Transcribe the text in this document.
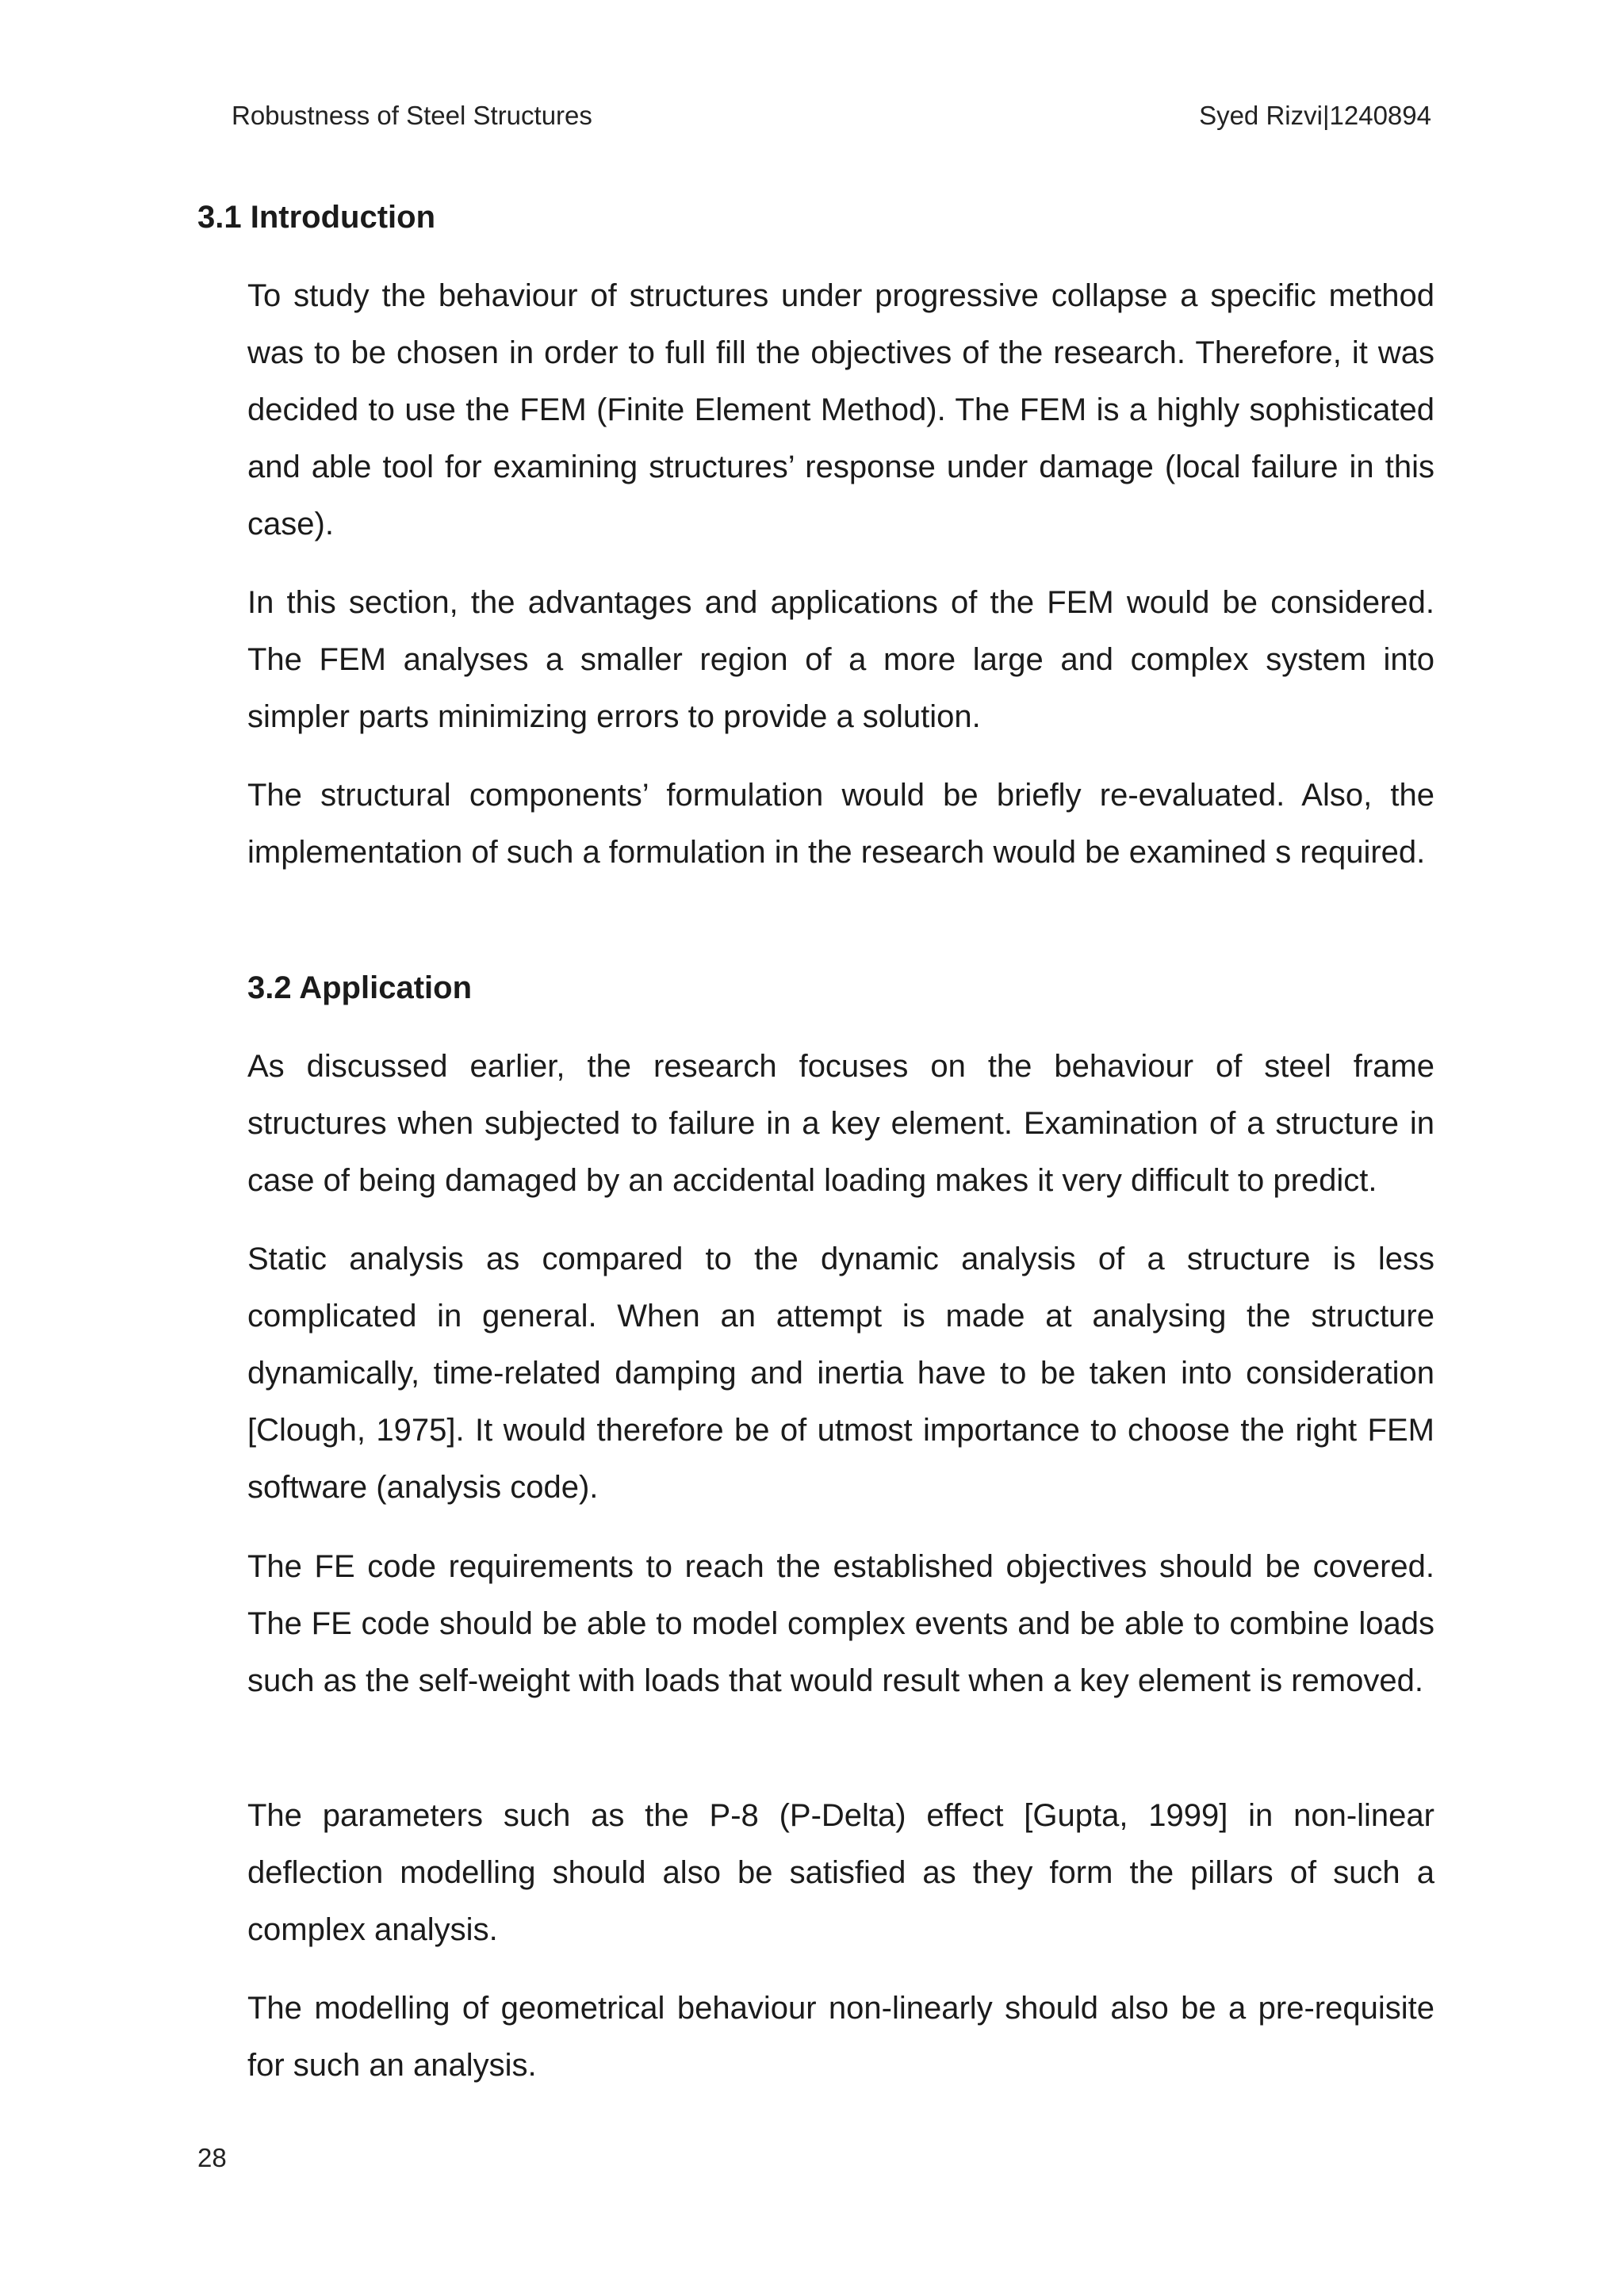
Robustness of Steel Structures	Syed Rizvi|1240894
3.1 Introduction

To study the behaviour of structures under progressive collapse a specific method was to be chosen in order to full fill the objectives of the research. Therefore, it was decided to use the FEM (Finite Element Method). The FEM is a highly sophisticated and able tool for examining structures’ response under damage (local failure in this case).

In this section, the advantages and applications of the FEM would be considered. The FEM analyses a smaller region of a more large and complex system into simpler parts minimizing errors to provide a solution.

The structural components’ formulation would be briefly re-evaluated. Also, the implementation of such a formulation in the research would be examined s required.

3.2 Application

As discussed earlier, the research focuses on the behaviour of steel frame structures when subjected to failure in a key element. Examination of a structure in case of being damaged by an accidental loading makes it very difficult to predict.

Static analysis as compared to the dynamic analysis of a structure is less complicated in general. When an attempt is made at analysing the structure dynamically, time-related damping and inertia have to be taken into consideration [Clough, 1975]. It would therefore be of utmost importance to choose the right FEM software (analysis code).

The FE code requirements to reach the established objectives should be covered. The FE code should be able to model complex events and be able to combine loads such as the self-weight with loads that would result when a key element is removed.

The parameters such as the P-8 (P-Delta) effect [Gupta, 1999] in non-linear deflection modelling should also be satisfied as they form the pillars of such a complex analysis.

The modelling of geometrical behaviour non-linearly should also be a pre-requisite for such an analysis.

28
